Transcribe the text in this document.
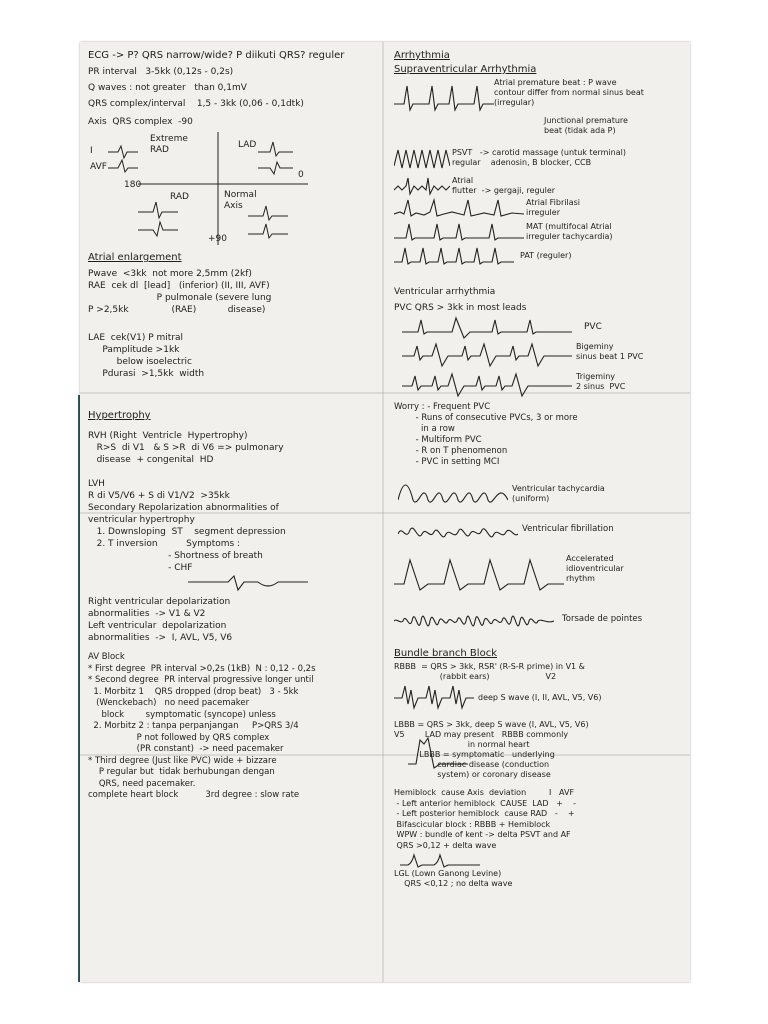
ECG -> P? QRS narrow/wide? P diikuti QRS? reguler

PR interval   3-5kk (0,12s - 0,2s)

Q waves : not greater   than 0,1mV

QRS complex/interval    1,5 - 3kk (0,06 - 0,1dtk)

Axis  QRS complex  -90

Extreme
RAD	LAD
180
0
RAD	Normal
Axis
+90
I
AVF

Atrial enlargement

Pwave  <3kk  not more 2,5mm (2kf)
RAE  cek dl  [lead]   (inferior) (II, III, AVF)
P pulmonale (severe lung
P >2,5kk               (RAE)           disease)

LAE  cek(V1) P mitral
Pamplitude >1kk
below isoelectric
Pdurasi  >1,5kk  width

Hypertrophy

RVH (Right  Ventricle  Hypertrophy)
R>S  di V1   & S >R  di V6 => pulmonary
disease  + congenital  HD

LVH
R di V5/V6 + S di V1/V2  >35kk
Secondary Repolarization abnormalities of
ventricular hypertrophy
1. Downsloping  ST    segment depression
2. T inversion          Symptoms :
- Shortness of breath
- CHF

Right ventricular depolarization
abnormalities  -> V1 & V2
Left ventricular  depolarization
abnormalities  ->  I, AVL, V5, V6

AV Block
* First degree  PR interval >0,2s (1kB)  N : 0,12 - 0,2s
* Second degree  PR interval progressive longer until
1. Morbitz 1    QRS dropped (drop beat)   3 - 5kk
(Wenckebach)   no need pacemaker
block        symptomatic (syncope) unless
2. Morbitz 2 : tanpa perpanjangan     P>QRS 3/4
P not followed by QRS complex
(PR constant)  -> need pacemaker
* Third degree (Just like PVC) wide + bizzare
P regular but  tidak berhubungan dengan
QRS, need pacemaker.
complete heart block          3rd degree : slow rate

Arrhythmia

Supraventricular Arrhythmia

Atrial premature beat : P wave
contour differ from normal sinus beat
(irregular)
Junctional premature
beat (tidak ada P)
PSVT   -> carotid massage (untuk terminal)
regular    adenosin, B blocker, CCB
Atrial
flutter  -> gergaji, reguler
Atrial Fibrilasi
irreguler
MAT (multifocal Atrial
irreguler tachycardia)
PAT (reguler)

Ventricular arrhythmia

PVC QRS > 3kk in most leads

PVC
Bigeminy
sinus beat 1 PVC
Trigeminy
2 sinus  PVC

Worry : - Frequent PVC
- Runs of consecutive PVCs, 3 or more
in a row
- Multiform PVC
- R on T phenomenon
- PVC in setting MCI

Ventricular tachycardia
(uniform)
Ventricular fibrillation
Accelerated
idioventricular
rhythm
Torsade de pointes

Bundle branch Block

RBBB  = QRS > 3kk, RSR' (R-S-R prime) in V1 &
(rabbit ears)                      V2

deep S wave (I, II, AVL, V5, V6)

LBBB = QRS > 3kk, deep S wave (I, AVL, V5, V6)

V5        LAD may present   RBBB commonly
in normal heart
LBBB = symptomatic   underlying
cardiac disease (conduction
system) or coronary disease

Hemiblock  cause Axis  deviation         I   AVF
- Left anterior hemiblock  CAUSE  LAD   +    -
- Left posterior hemiblock  cause RAD   -    +
Bifascicular block : RBBB + Hemiblock
WPW : bundle of kent -> delta PSVT and AF
QRS >0,12 + delta wave

LGL (Lown Ganong Levine)
QRS <0,12 ; no delta wave
